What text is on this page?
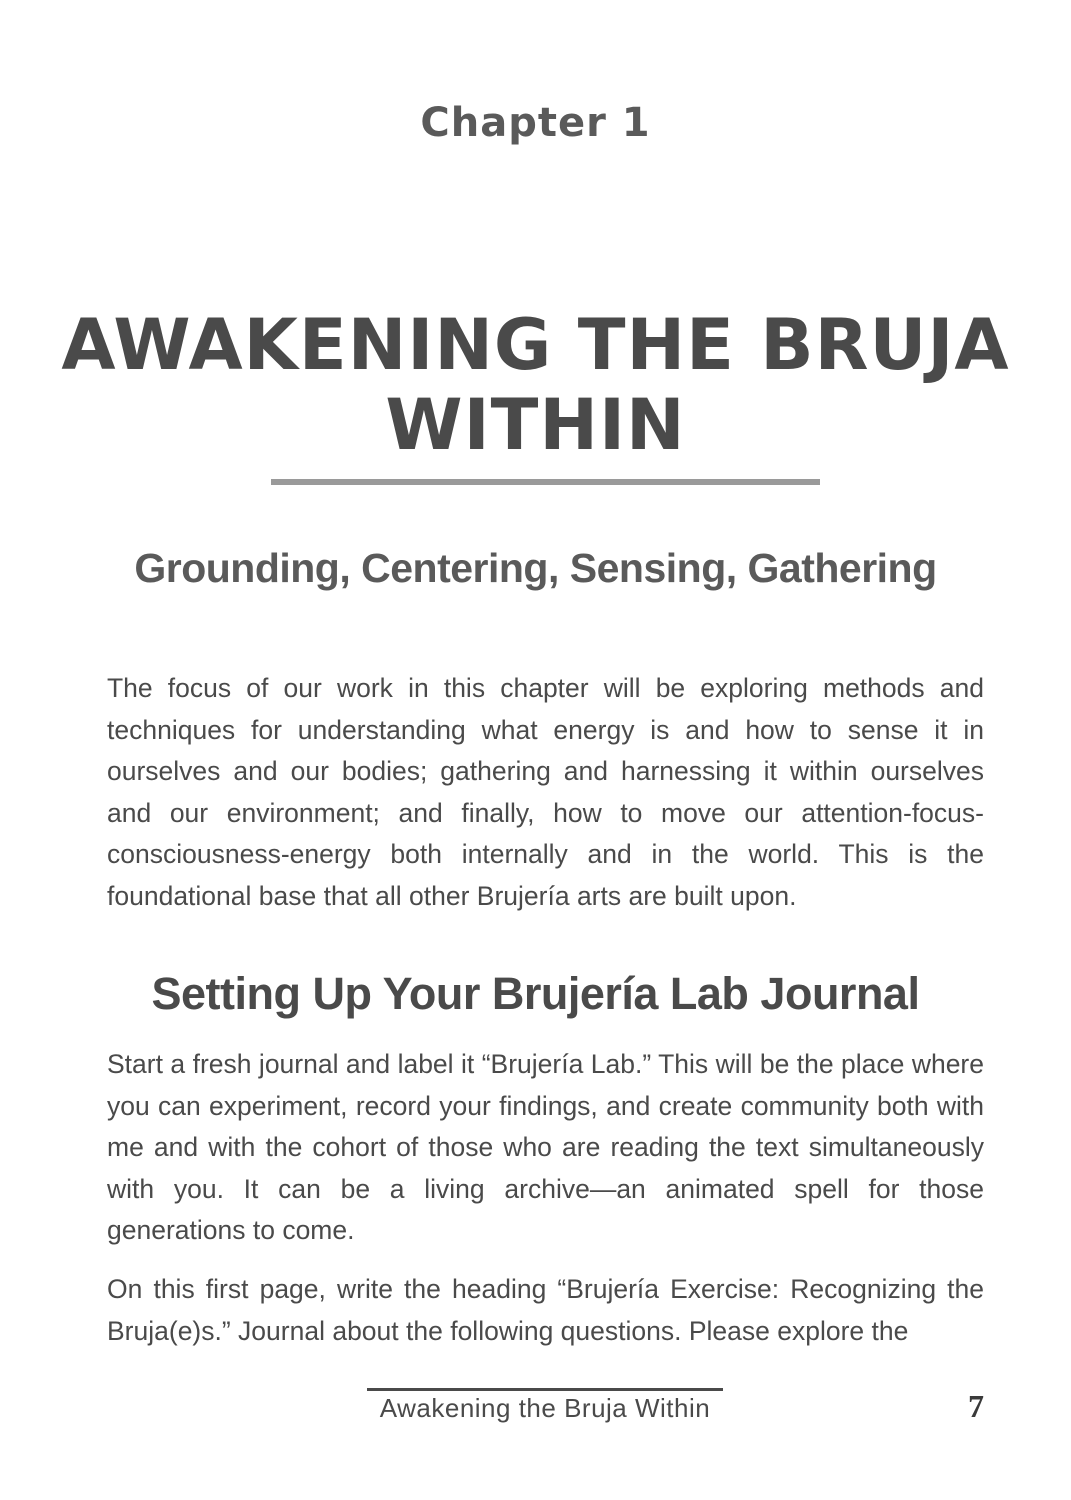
Chapter 1
AWAKENING THE BRUJA WITHIN
Grounding, Centering, Sensing, Gathering

The focus of our work in this chapter will be exploring methods and techniques for understanding what energy is and how to sense it in ourselves and our bodies; gathering and harnessing it within ourselves and our environment; and finally, how to move our attention-focus-consciousness-energy both internally and in the world. This is the foundational base that all other Brujería arts are built upon.

Setting Up Your Brujería Lab Journal

Start a fresh journal and label it “Brujería Lab.” This will be the place where you can experiment, record your findings, and create community both with me and with the cohort of those who are reading the text simultaneously with you. It can be a living archive—an animated spell for those generations to come.

On this first page, write the heading “Brujería Exercise: Recognizing the Bruja(e)s.” Journal about the following questions. Please explore the

Awakening the Bruja Within	7
